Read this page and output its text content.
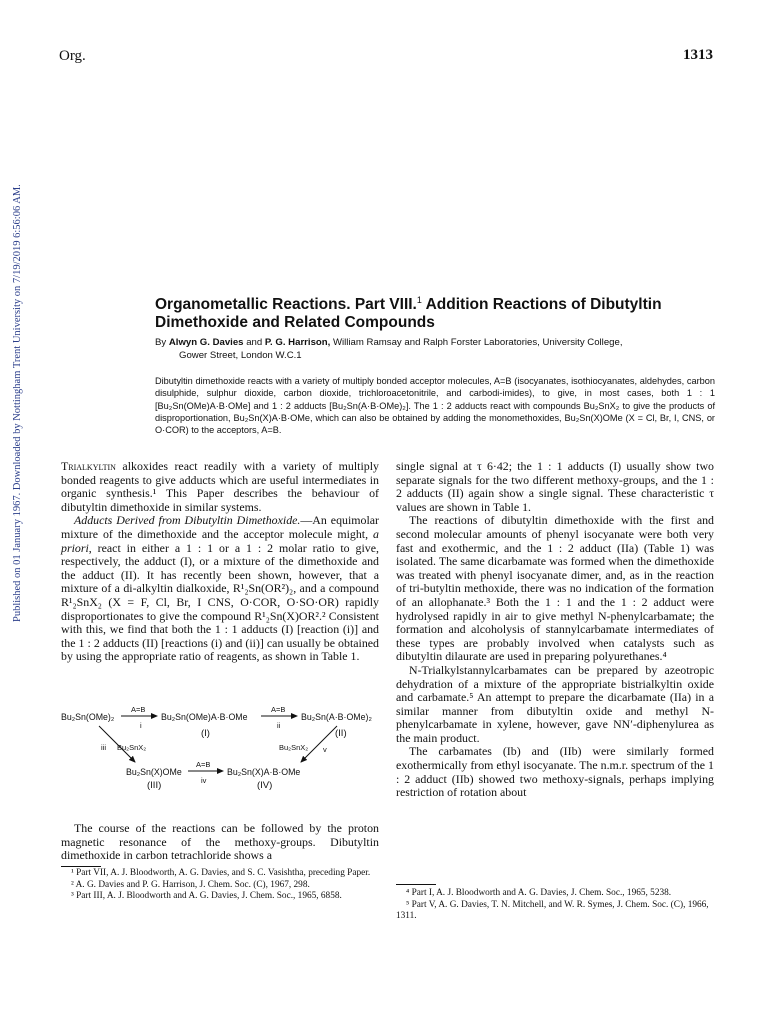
Org.	1313
Published on 01 January 1967. Downloaded by Nottingham Trent University on 7/19/2019 6:56:06 AM.	Organometallic Reactions. Part VIII.$^1$ Addition Reactions of Dibutyltin
Dimethoxide and Related Compounds
By Alwyn G. Davies and P. G. Harrison, William Ramsay and Ralph Forster Laboratories, University College,
Gower Street, London W.C.1
Dibutyltin dimethoxide reacts with a variety of multiply bonded acceptor molecules, A=B (isocyanates, isothiocyanates, aldehydes, carbon disulphide, sulphur dioxide, carbon dioxide, trichloroacetonitrile, and carbodi-imides), to give, in most cases, both 1 : 1 [Bu₂Sn(OMe)A·B·OMe] and 1 : 2 adducts [Bu₂Sn(A·B·OMe)₂]. The 1 : 2 adducts react with compounds Bu₂SnX₂ to give the products of disproportionation, Bu₂Sn(X)A·B·OMe, which can also be obtained by adding the monomethoxides, Bu₂Sn(X)OMe (X = Cl, Br, I, CNS, or O·COR) to the acceptors, A=B.

Trialkyltin alkoxides react readily with a variety of multiply bonded reagents to give adducts which are useful intermediates in organic synthesis.¹ This Paper describes the behaviour of dibutyltin dimethoxide in similar systems.

Adducts Derived from Dibutyltin Dimethoxide.—An equimolar mixture of the dimethoxide and the acceptor molecule might, a priori, react in either a 1 : 1 or a 1 : 2 molar ratio to give, respectively, the adduct (I), or a mixture of the dimethoxide and the adduct (II). It has recently been shown, however, that a mixture of a di-alkyltin dialkoxide, R¹₂Sn(OR²)₂, and a compound R¹₂SnX₂ (X = F, Cl, Br, I CNS, O·COR, O·SO·OR) rapidly disproportionates to give the compound R¹₂Sn(X)OR².² Consistent with this, we find that both the 1 : 1 adducts (I) [reaction (i)] and the 1 : 2 adducts (II) [reactions (i) and (ii)] can usually be obtained by using the appropriate ratio of reagents, as shown in Table 1.

Bu₂Sn(OMe)₂
A=B
i
Bu₂Sn(OMe)A·B·OMe
A=B
ii
Bu₂Sn(A·B·OMe)₂
(I)	(II)
iii Bu₂SnX₂	Bu₂SnX₂ v
Bu₂Sn(X)OMe
A=B
iv
Bu₂Sn(X)A·B·OMe
(III)	(IV)

The course of the reactions can be followed by the proton magnetic resonance of the methoxy-groups. Dibutyltin dimethoxide in carbon tetrachloride shows a

¹ Part VII, A. J. Bloodworth, A. G. Davies, and S. C. Vasishtha, preceding Paper.

² A. G. Davies and P. G. Harrison, J. Chem. Soc. (C), 1967, 298.

³ Part III, A. J. Bloodworth and A. G. Davies, J. Chem. Soc., 1965, 6858.

single signal at τ 6·42; the 1 : 1 adducts (I) usually show two separate signals for the two different methoxy-groups, and the 1 : 2 adducts (II) again show a single signal. These characteristic τ values are shown in Table 1.

The reactions of dibutyltin dimethoxide with the first and second molecular amounts of phenyl isocyanate were both very fast and exothermic, and the 1 : 2 adduct (IIa) (Table 1) was isolated. The same dicarbamate was formed when the dimethoxide was treated with phenyl isocyanate dimer, and, as in the reaction of tri-butyltin methoxide, there was no indication of the formation of an allophanate.³ Both the 1 : 1 and the 1 : 2 adduct were hydrolysed rapidly in air to give methyl N-phenylcarbamate; the formation and alcoholysis of stannylcarbamate intermediates of these types are probably involved when catalysts such as dibutyltin dilaurate are used in preparing polyurethanes.⁴

N-Trialkylstannylcarbamates can be prepared by azeotropic dehydration of a mixture of the appropriate bistrialkyltin oxide and carbamate.⁵ An attempt to prepare the dicarbamate (IIa) in a similar manner from dibutyltin oxide and methyl N-phenylcarbamate in xylene, however, gave NN′-diphenylurea as the main product.

The carbamates (Ib) and (IIb) were similarly formed exothermically from ethyl isocyanate. The n.m.r. spectrum of the 1 : 2 adduct (IIb) showed two methoxy-signals, perhaps implying restriction of rotation about

⁴ Part I, A. J. Bloodworth and A. G. Davies, J. Chem. Soc., 1965, 5238.

⁵ Part V, A. G. Davies, T. N. Mitchell, and W. R. Symes, J. Chem. Soc. (C), 1966, 1311.
